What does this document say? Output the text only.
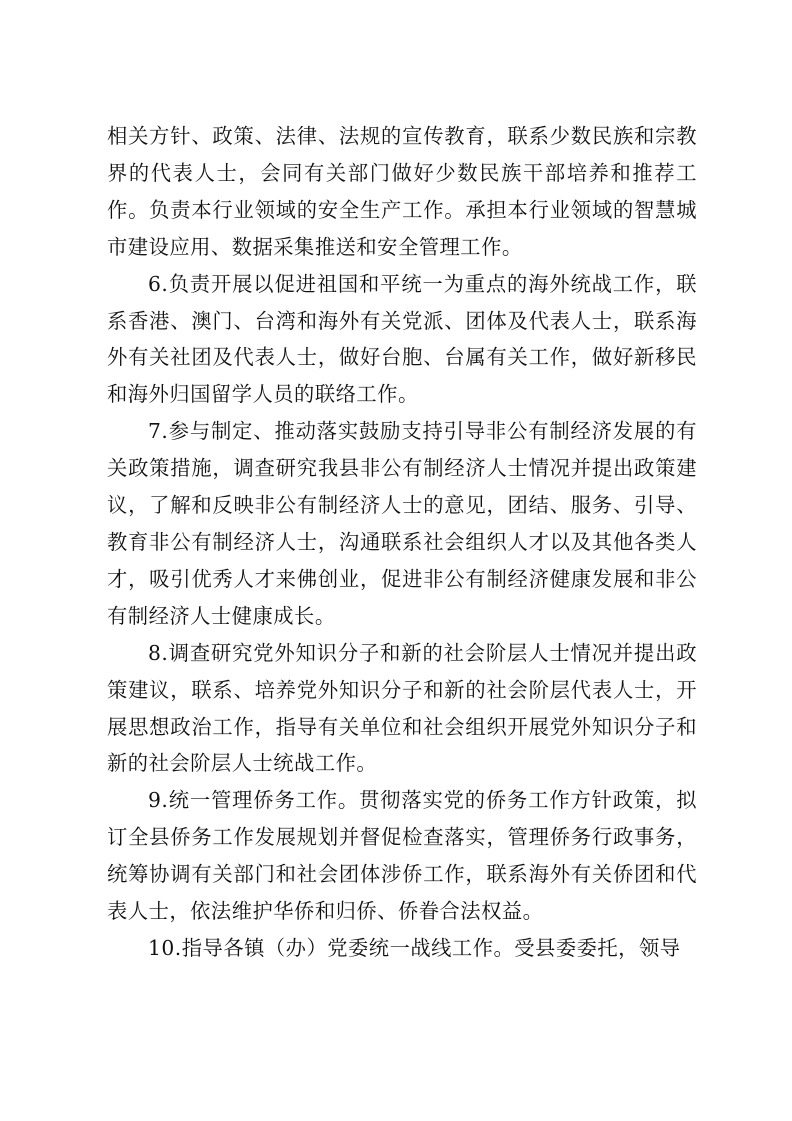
相关方针、政策、法律、法规的宣传教育，联系少数民族和宗教界的代表人士，会同有关部门做好少数民族干部培养和推荐工作。负责本行业领域的安全生产工作。承担本行业领域的智慧城市建设应用、数据采集推送和安全管理工作。

6.负责开展以促进祖国和平统一为重点的海外统战工作，联系香港、澳门、台湾和海外有关党派、团体及代表人士，联系海外有关社团及代表人士，做好台胞、台属有关工作，做好新移民和海外归国留学人员的联络工作。

7.参与制定、推动落实鼓励支持引导非公有制经济发展的有关政策措施，调查研究我县非公有制经济人士情况并提出政策建议，了解和反映非公有制经济人士的意见，团结、服务、引导、教育非公有制经济人士，沟通联系社会组织人才以及其他各类人才，吸引优秀人才来佛创业，促进非公有制经济健康发展和非公有制经济人士健康成长。

8.调查研究党外知识分子和新的社会阶层人士情况并提出政策建议，联系、培养党外知识分子和新的社会阶层代表人士，开展思想政治工作，指导有关单位和社会组织开展党外知识分子和新的社会阶层人士统战工作。

9.统一管理侨务工作。贯彻落实党的侨务工作方针政策，拟订全县侨务工作发展规划并督促检查落实，管理侨务行政事务，统筹协调有关部门和社会团体涉侨工作，联系海外有关侨团和代表人士，依法维护华侨和归侨、侨眷合法权益。

10.指导各镇（办）党委统一战线工作。受县委委托，领导
